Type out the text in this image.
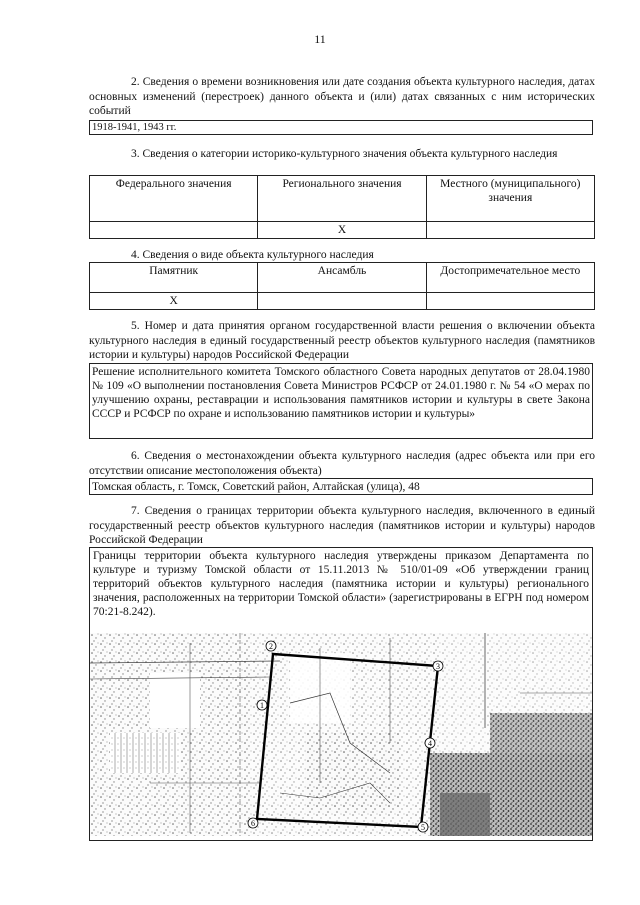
11
2. Сведения о времени возникновения или дате создания объекта культурного наследия, датах основных изменений (перестроек) данного объекта и (или) датах связанных с ним исторических событий
1918-1941, 1943 гг.
3. Сведения о категории историко-культурного значения объекта культурного наследия
Федерального значения	Регионального значения	Местного (муниципального) значения
	Х	
4. Сведения о виде объекта культурного наследия
Памятник	Ансамбль	Достопримечательное место
Х		
5. Номер и дата принятия органом государственной власти решения о включении объекта культурного наследия в единый государственный реестр объектов культурного наследия (памятников истории и культуры) народов Российской Федерации
Решение исполнительного комитета Томского областного Совета народных депутатов от 28.04.1980 № 109 «О выполнении постановления Совета Министров РСФСР от 24.01.1980 г. № 54 «О мерах по улучшению охраны, реставрации и использования памятников истории и культуры в свете Закона СССР и РСФСР по охране и использованию памятников истории и культуры»
6. Сведения о местонахождении объекта культурного наследия (адрес объекта или при его отсутствии описание местоположения объекта)
Томская область, г. Томск, Советский район, Алтайская (улица), 48
7. Сведения о границах территории объекта культурного наследия, включенного в единый государственный реестр объектов культурного наследия (памятников истории и культуры) народов Российской Федерации
Границы территории объекта культурного наследия утверждены приказом Департамента по культуре и туризму Томской области от 15.11.2013 № 510/01-09 «Об утверждении границ территорий объектов культурного наследия (памятника истории и культуры) регионального значения, расположенных на территории Томской области» (зарегистрированы в ЕГРН под номером 70:21-8.242).
2
3
1
6
4
5
